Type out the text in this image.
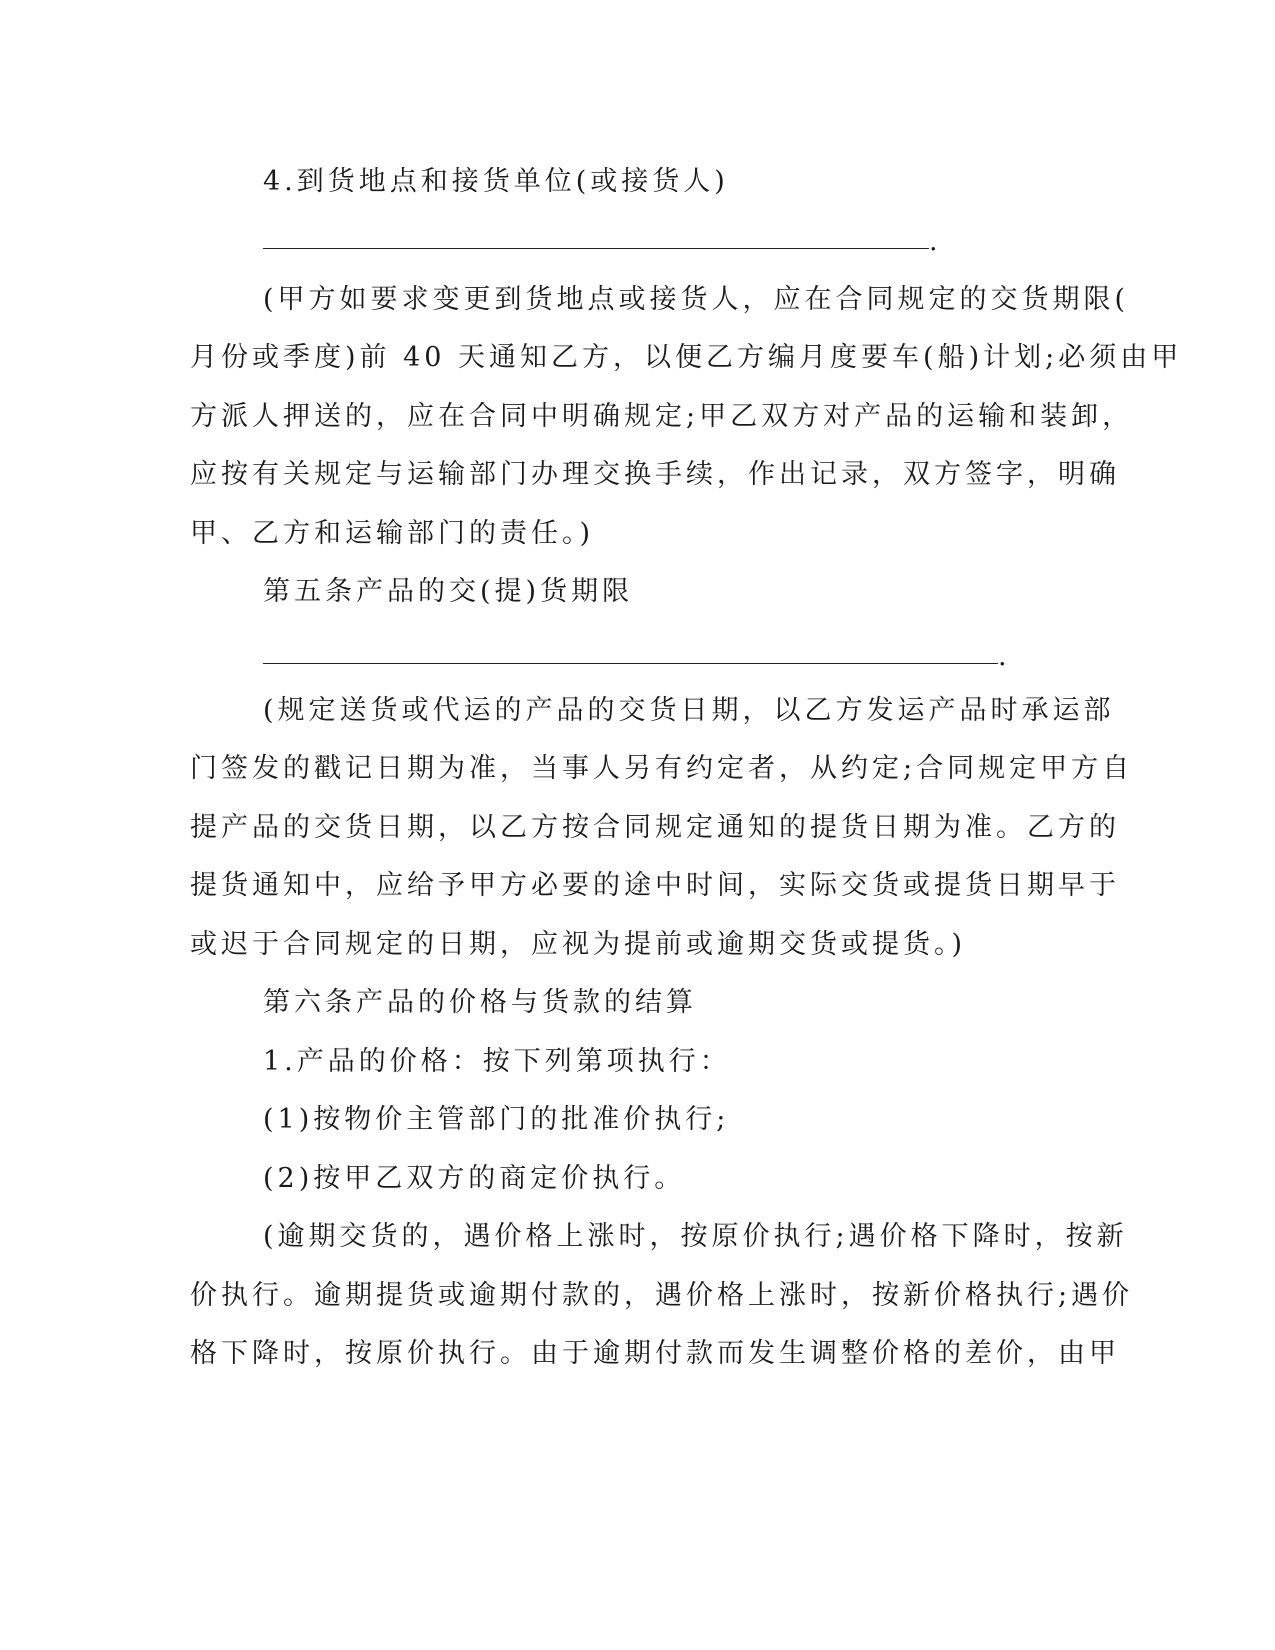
4.到货地点和接货单位(或接货人)
.
(甲方如要求变更到货地点或接货人，应在合同规定的交货期限(
月份或季度)前 40 天通知乙方，以便乙方编月度要车(船)计划;必须由甲
方派人押送的，应在合同中明确规定;甲乙双方对产品的运输和装卸，
应按有关规定与运输部门办理交换手续，作出记录，双方签字，明确
甲、乙方和运输部门的责任。)
第五条产品的交(提)货期限
.
(规定送货或代运的产品的交货日期，以乙方发运产品时承运部
门签发的戳记日期为准，当事人另有约定者，从约定;合同规定甲方自
提产品的交货日期，以乙方按合同规定通知的提货日期为准。乙方的
提货通知中，应给予甲方必要的途中时间，实际交货或提货日期早于
或迟于合同规定的日期，应视为提前或逾期交货或提货。)
第六条产品的价格与货款的结算
1.产品的价格：按下列第项执行：
(1)按物价主管部门的批准价执行;
(2)按甲乙双方的商定价执行。
(逾期交货的，遇价格上涨时，按原价执行;遇价格下降时，按新
价执行。逾期提货或逾期付款的，遇价格上涨时，按新价格执行;遇价
格下降时，按原价执行。由于逾期付款而发生调整价格的差价，由甲
